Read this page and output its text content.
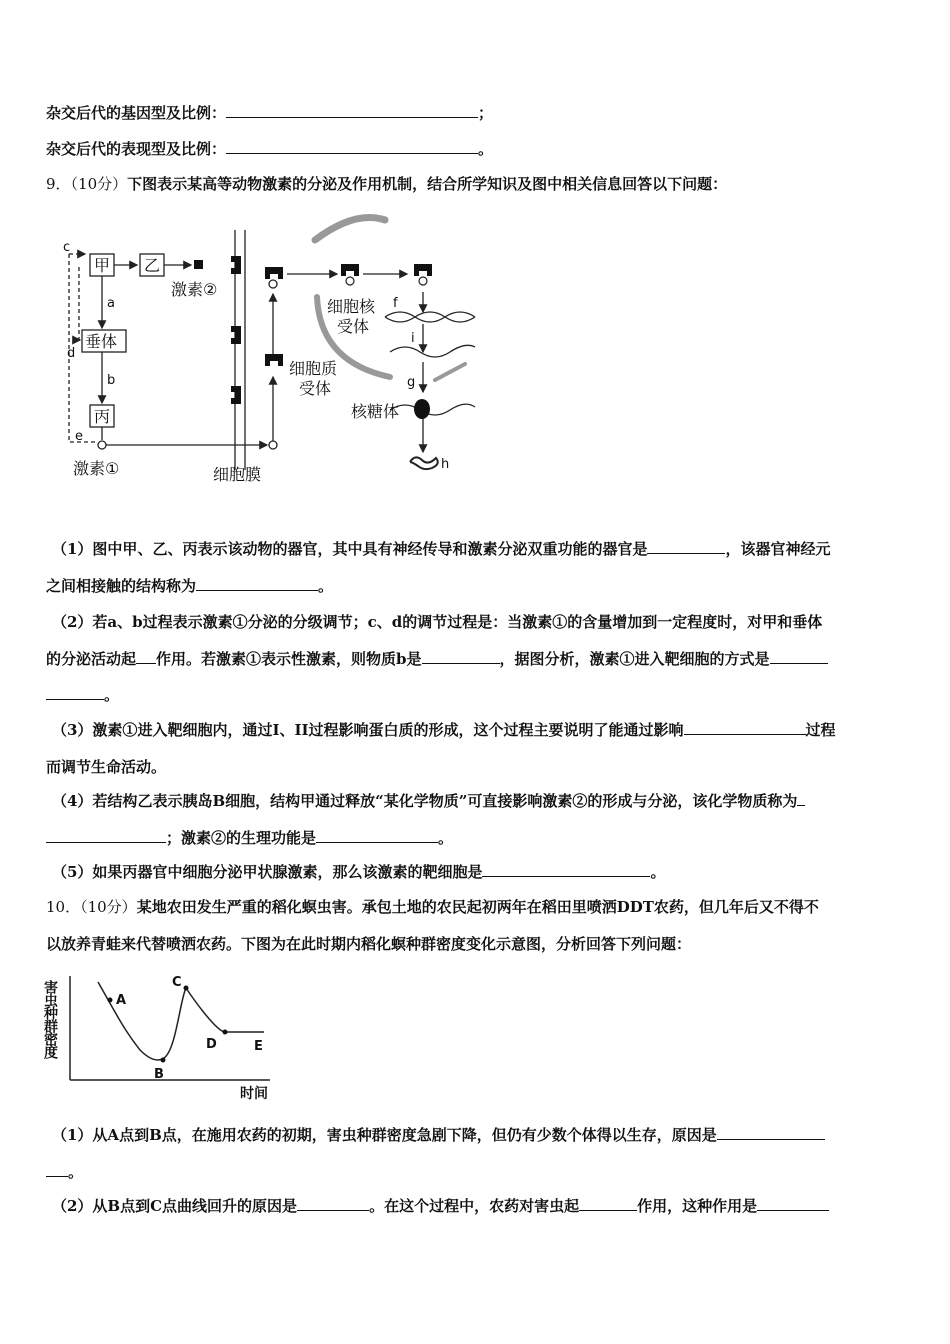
杂交后代的基因型及比例：	；
杂交后代的表现型及比例：	。
9．（10分）下图表示某高等动物激素的分泌及作用机制，结合所学知识及图中相关信息回答以下问题：
甲 乙
垂体
丙
激素②
激素①	细胞膜
细胞质
受体
细胞核
受体
核糖体
c
a
d
b
e
f
i
g
h
（1）图中甲、乙、丙表示该动物的器官，其中具有神经传导和激素分泌双重功能的器官是	，该器官神经元
之间相接触的结构称为	。
（2）若a、b过程表示激素①分泌的分级调节；c、d的调节过程是：当激素①的含量增加到一定程度时，对甲和垂体
的分泌活动起 作用。若激素①表示性激素，则物质b是	，据图分析，激素①进入靶细胞的方式是
。
（3）激素①进入靶细胞内，通过I、II过程影响蛋白质的形成，这个过程主要说明了能通过影响	过程
而调节生命活动。
（4）若结构乙表示胰岛B细胞，结构甲通过释放“某化学物质”可直接影响激素②的形成与分泌，该化学物质称为
；激素②的生理功能是	。
（5）如果丙器官中细胞分泌甲状腺激素，那么该激素的靶细胞是	。
10．（10分）某地农田发生严重的稻化螟虫害。承包土地的农民起初两年在稻田里喷洒DDT农药，但几年后又不得不
以放养青蛙来代替喷洒农药。下图为在此时期内稻化螟种群密度变化示意图，分析回答下列问题：
A
B
C
D	E
时间
害虫种群密度
（1）从A点到B点，在施用农药的初期，害虫种群密度急剧下降，但仍有少数个体得以生存，原因是
。
（2）从B点到C点曲线回升的原因是	。在这个过程中，农药对害虫起	作用，这种作用是
